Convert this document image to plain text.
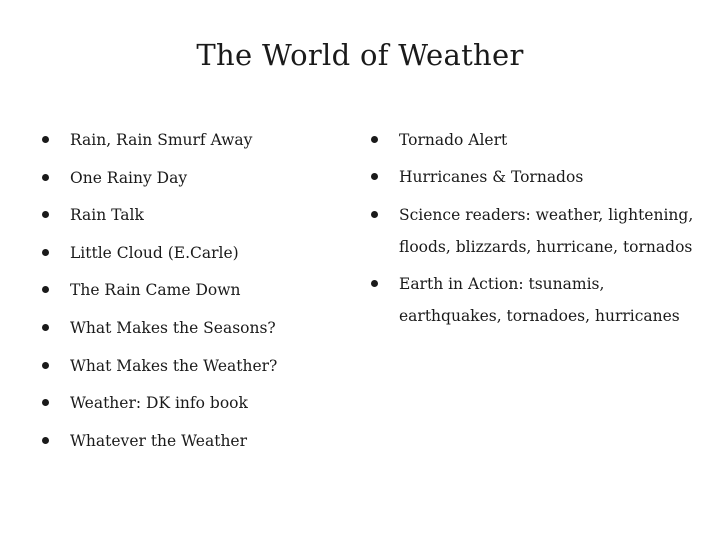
The World of Weather
Rain, Rain Smurf Away
One Rainy Day
Rain Talk
Little Cloud (E.Carle)
The Rain Came Down
What Makes the Seasons?
What Makes the Weather?
Weather: DK info book
Whatever the Weather
Tornado Alert
Hurricanes & Tornados
Science readers: weather, lightening, floods, blizzards, hurricane, tornados
Earth in Action: tsunamis, earthquakes, tornadoes, hurricanes
